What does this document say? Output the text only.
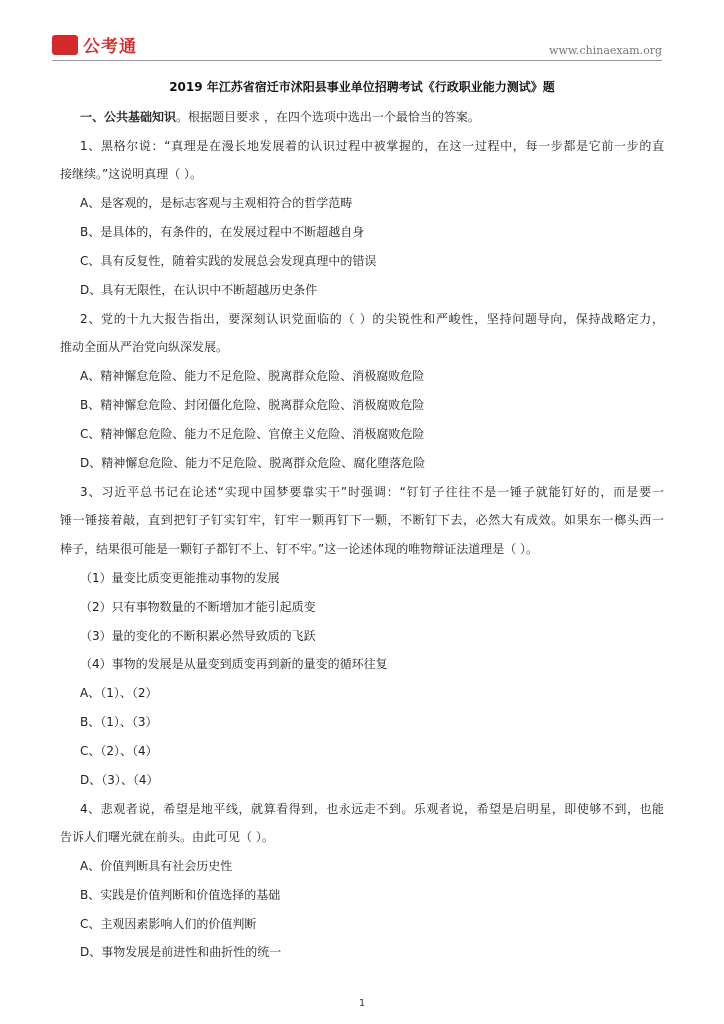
公考通	www.chinaexam.org
2019 年江苏省宿迁市沭阳县事业单位招聘考试《行政职业能力测试》题
一、公共基础知识。根据题目要求 ，在四个选项中选出一个最恰当的答案。
1、黑格尔说：“真理是在漫长地发展着的认识过程中被掌握的，在这一过程中，每一步都是它前一步的直
接继续。”这说明真理（ ）。
A、是客观的，是标志客观与主观相符合的哲学范畴
B、是具体的，有条件的，在发展过程中不断超越自身
C、具有反复性，随着实践的发展总会发现真理中的错误
D、具有无限性，在认识中不断超越历史条件
2、党的十九大报告指出，要深刻认识党面临的（ ）的尖锐性和严峻性，坚持问题导向，保持战略定力，
推动全面从严治党向纵深发展。
A、精神懈怠危险、能力不足危险、脱离群众危险、消极腐败危险
B、精神懈怠危险、封闭僵化危险、脱离群众危险、消极腐败危险
C、精神懈怠危险、能力不足危险、官僚主义危险、消极腐败危险
D、精神懈怠危险、能力不足危险、脱离群众危险、腐化堕落危险
3、习近平总书记在论述“实现中国梦要靠实干”时强调：“钉钉子往往不是一锤子就能钉好的，而是要一
锤一锤接着敲，直到把钉子钉实钉牢，钉牢一颗再钉下一颗，不断钉下去，必然大有成效。如果东一榔头西一
棒子，结果很可能是一颗钉子都钉不上、钉不牢。”这一论述体现的唯物辩证法道理是（ ）。
（1）量变比质变更能推动事物的发展
（2）只有事物数量的不断增加才能引起质变
（3）量的变化的不断积累必然导致质的飞跃
（4）事物的发展是从量变到质变再到新的量变的循环往复
A、（1）、（2）
B、（1）、（3）
C、（2）、（4）
D、（3）、（4）
4、悲观者说，希望是地平线，就算看得到，也永远走不到。乐观者说，希望是启明星，即使够不到，也能
告诉人们曙光就在前头。由此可见（ ）。
A、价值判断具有社会历史性
B、实践是价值判断和价值选择的基础
C、主观因素影响人们的价值判断
D、事物发展是前进性和曲折性的统一
1
